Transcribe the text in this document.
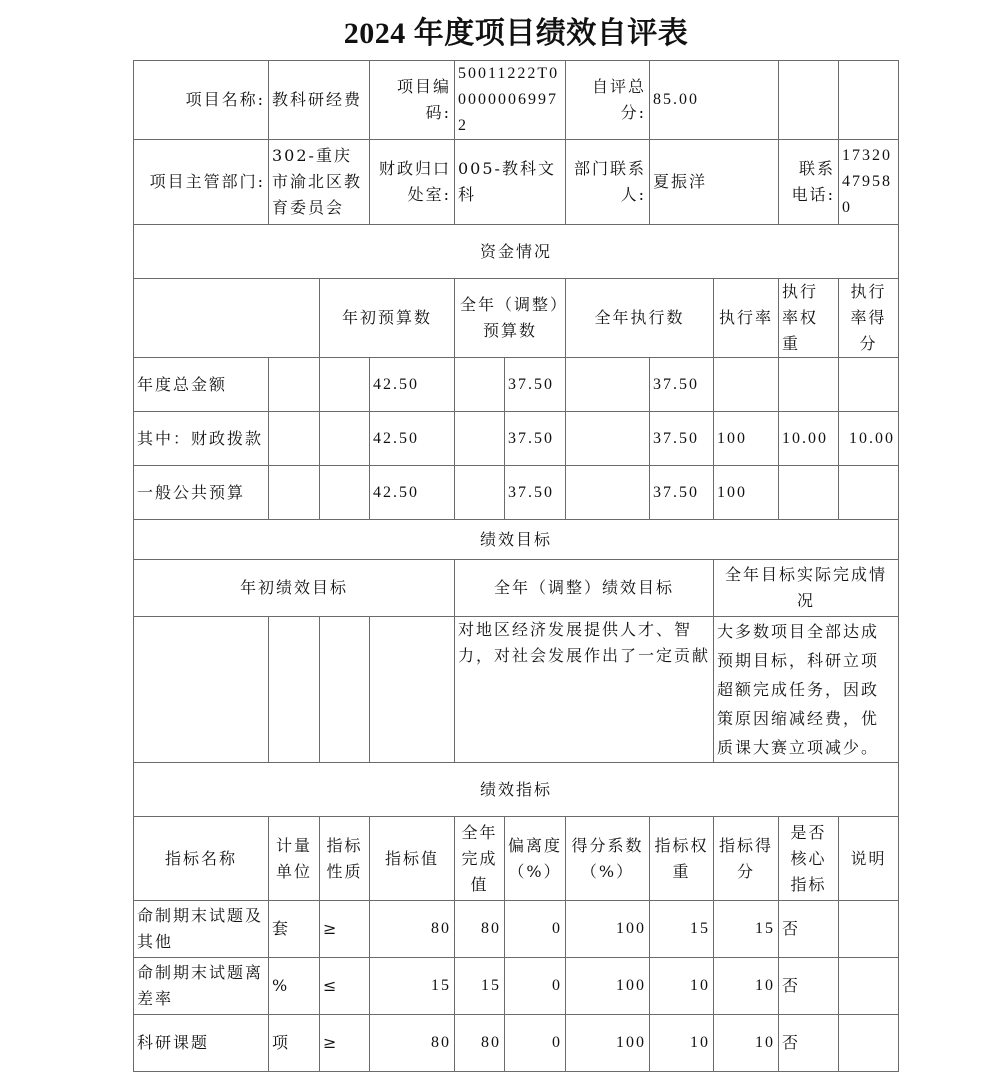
2024 年度项目绩效自评表
项目名称:	教科研经费		项目编码:	50011222T000000069972		自评总分:	85.00			
项目主管部门:	302-重庆市渝北区教育委员会		财政归口处室:	005-教科文科		部门联系人:	夏振洋		联系电话:	17320479580
资金情况										
		年初预算数		全年（调整）预算数		全年执行数		执行率	执行率权重	执行率得分
年度总金额			42.50		37.50		37.50			
其中：财政拨款			42.50		37.50		37.50	100	10.00	10.00
一般公共预算			42.50		37.50		37.50	100		
绩效目标										
年初绩效目标				全年（调整）绩效目标				全年目标实际完成情况		
				对地区经济发展提供人才、智力，对社会发展作出了一定贡献				大多数项目全部达成预期目标，科研立项超额完成任务，因政策原因缩减经费，优质课大赛立项减少。		
绩效指标										
指标名称	计量单位	指标性质	指标值	全年完成值	偏离度（%）	得分系数（%）	指标权重	指标得分	是否核心指标	说明
命制期末试题及其他	套	≥	80	80	0	100	15	15	否	
命制期末试题离差率	%	≤	15	15	0	100	10	10	否	
科研课题	项	≥	80	80	0	100	10	10	否	
